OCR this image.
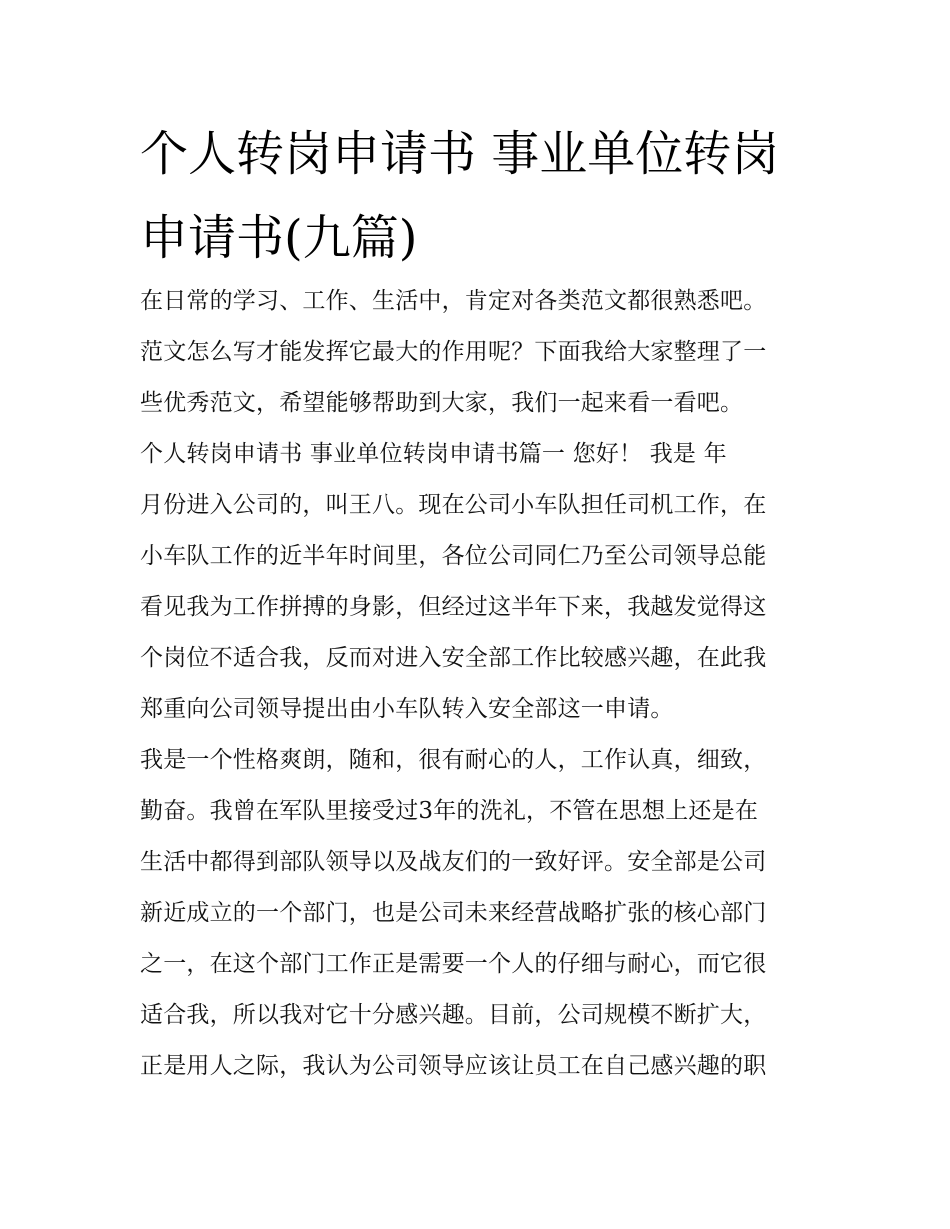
个人转岗申请书 事业单位转岗
申请书(九篇)
在日常的学习、工作、生活中，肯定对各类范文都很熟悉吧。
范文怎么写才能发挥它最大的作用呢？下面我给大家整理了一
些优秀范文，希望能够帮助到大家，我们一起来看一看吧。
个人转岗申请书 事业单位转岗申请书篇一 您好！ 我是 年
月份进入公司的，叫王八。现在公司小车队担任司机工作，在
小车队工作的近半年时间里，各位公司同仁乃至公司领导总能
看见我为工作拼搏的身影，但经过这半年下来，我越发觉得这
个岗位不适合我，反而对进入安全部工作比较感兴趣，在此我
郑重向公司领导提出由小车队转入安全部这一申请。
我是一个性格爽朗，随和，很有耐心的人，工作认真，细致，
勤奋。我曾在军队里接受过3年的洗礼，不管在思想上还是在
生活中都得到部队领导以及战友们的一致好评。安全部是公司
新近成立的一个部门，也是公司未来经营战略扩张的核心部门
之一，在这个部门工作正是需要一个人的仔细与耐心，而它很
适合我，所以我对它十分感兴趣。目前，公司规模不断扩大，
正是用人之际，我认为公司领导应该让员工在自己感兴趣的职
